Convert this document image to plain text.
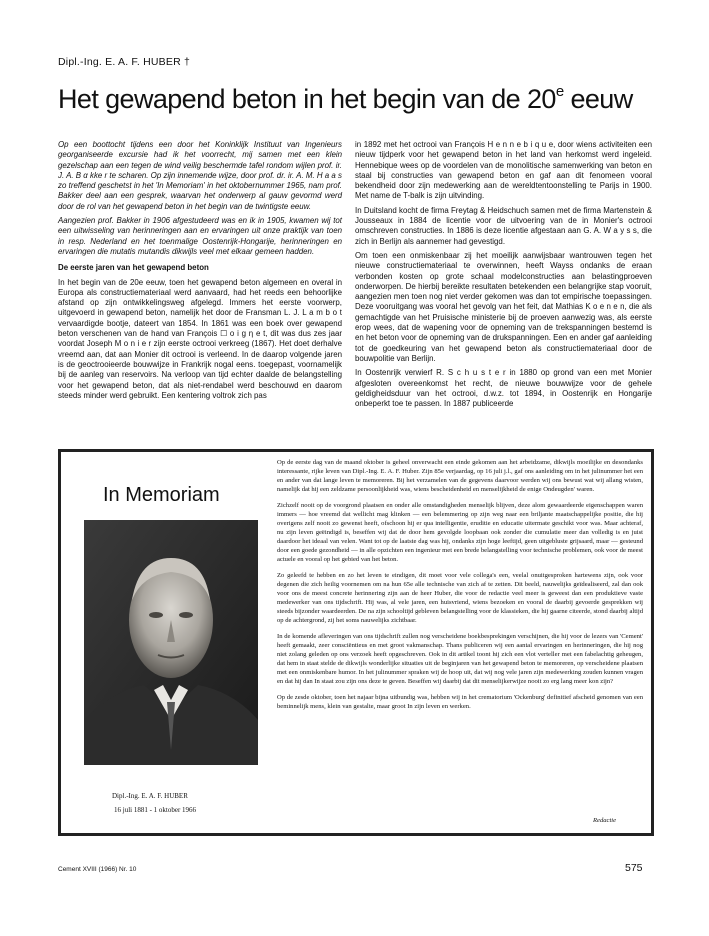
Dipl.-Ing. E. A. F. HUBER †
Het gewapend beton in het begin van de 20e eeuw

Op een boottocht tijdens een door het Koninklijk Instituut van Ingenieurs georganiseerde excursie had ik het voorrecht, mij samen met een klein gezelschap aan een tegen de wind veilig beschermde tafel rondom wijlen prof. ir. J. A. B α kke r te scharen. Op zijn innemende wijze, door prof. dr. ir. A. M. H a a s zo treffend geschetst in het 'In Memoriam' in het oktobernummer 1965, nam prof. Bakker deel aan een gesprek, waarvan het onderwerp al gauw gevormd werd door de rol van het gewapend beton in het begin van de twintigste eeuw.

Aangezien prof. Bakker in 1906 afgestudeerd was en ik in 1905, kwamen wij tot een uitwisseling van herinneringen aan en ervaringen uit onze praktijk van toen in resp. Nederland en het toenmalige Oostenrijk-Hongarije, herinneringen en ervaringen die mutatis mutandis dikwijls veel met elkaar gemeen hadden.

De eerste jaren van het gewapend beton

In het begin van de 20e eeuw, toen het gewapend beton algemeen en overal in Europa als constructiemateriaal werd aanvaard, had het reeds een behoorlijke afstand op zijn ontwikkelingsweg afgelegd. Immers het eerste voorwerp, uitgevoerd in gewapend beton, namelijk het door de Fransman L. J. L a m b o t vervaardigde bootje, dateert van 1854. In 1861 was een boek over gewapend beton verschenen van de hand van François ☐ o i g η e t, dit was dus zes jaar voordat Joseph M o n i e r zijn eerste octrooi verkreeg (1867). Het doet derhalve vreemd aan, dat aan Monier dit octrooi is verleend. In de daarop volgende jaren is de geoctrooieerde bouwwijze in Frankrijk nogal eens. toegepast, voornamelijk bij de aanleg van reservoirs. Na verloop van tijd echter daalde de belangstelling voor het gewapend beton, dat als niet-rendabel werd beschouwd en daarom steeds minder werd gebruikt. Een kentering voltrok zich pas

in 1892 met het octrooi van François H e n n e b i q u e, door wiens activiteiten een nieuw tijdperk voor het gewapend beton in het land van herkomst werd ingeleid. Hennebique wees op de voordelen van de monolitische samenwerking van beton en staal bij constructies van gewapend beton en gaf aan dit fenomeen vooral bekendheid door zijn medewerking aan de wereldtentoonstelling te Parijs in 1900. Met name de T-balk is zijn uitvinding.

In Duitsland kocht de firma Freytag & Heidschuch samen met de firma Martenstein & Jousseaux in 1884 de licentie voor de uitvoering van de in Monier's octrooi omschreven constructies. In 1886 is deze licentie afgestaan aan G. A. W a y s s, die zich in Berlijn als aannemer had gevestigd.

Om toen een onmiskenbaar zij het moeilijk aanwijsbaar wantrouwen tegen het nieuwe constructiemateriaal te overwinnen, heeft Wayss ondanks de eraan verbonden kosten op grote schaal modelconstructies aan belastingproeven onderworpen. De hierbij bereikte resultaten betekenden een belangrijke stap vooruit, aangezien men toen nog niet verder gekomen was dan tot empirische toepassingen. Deze vooruitgang was vooral het gevolg van het feit, dat Mathias K o e n e n, die als gemachtigde van het Pruisische ministerie bij de proeven aanwezig was, als eerste erop wees, dat de wapening voor de opneming van de trekspanningen bestemd is en het beton voor de opneming van de drukspanningen. Een en ander gaf aanleiding tot de goedkeuring van het gewapend beton als constructiemateriaal door de bouwpolitie van Berlijn.

In Oostenrijk verwierf R. S c h u s t e r in 1880 op grond van een met Monier afgesloten overeenkomst het recht, de nieuwe bouwwijze voor de gehele geldigheidsduur van het octrooi, d.w.z. tot 1894, in Oostenrijk en Hongarije onbeperkt toe te passen. In 1887 publiceerde

In Memoriam
Dipl.-Ing. E. A. F. HUBER
16 juli 1881 - 1 oktober 1966

Op de eerste dag van de maand oktober is geheel onverwacht een einde gekomen aan het arbeidzame, dikwijls moeilijke en desondanks interessante, rijke leven van Dipl.-Ing. E. A. F. Huber. Zijn 85e verjaardag, op 16 juli j.l., gaf ons aanleiding om in het julinummer het een en ander van dat lange leven te memoreren. Bij het verzamelen van de gegevens daarvoor werden wij ons bewust wat wij allang wisten, namelijk dat hij een zeldzame persoonlijkheid was, wiens bescheidenheid en menselijkheid de enige Ondeugden' waren.

Zichzelf nooit op de voorgrond plaatsen en onder alle omstandigheden menselijk blijven, deze alom gewaardeerde eigenschappen waren immers — hoe vreemd dat wellicht mag klinken — een belemmering op zijn weg naar een briljante maatschappelijke positie, die hij overigens zelf nooit zo gewenst heeft, ofschoon hij er qua intelligentie, eruditie en educatie uitermate geschikt voor was. Maar achteraf, nu zijn leven geëindigd is, beseffen wij dat de door hem gevolgde loopbaan ook zonder die cumulatie meer dan volledig is en juist daardoor het ideaal van velen. Want tot op de laatste dag was hij, ondanks zijn hoge leeftijd, geen uitgebluste grijsaard, maar — gesteund door een goede gezondheid — in alle opzichten een ingenieur met een brede belangstelling voor technische problemen, ook voor de meest actuele en vooral op het gebied van het beton.

Zo geleefd te hebben en zo het leven te eindigen, dit moet voor vele collega's een, veelal onuitgesproken hartewens zijn, ook voor degenen die zich heilig voornemen om na hun 65e alle technische van zich af te zetten. Dit beeld, nauwelijks geïdealiseerd, zal dan ook voor ons de meest concrete herinnering zijn aan de heer Huber, die voor de redactie veel meer is geweest dan een produktieve vaste medewerker van ons tijdschrift. Hij was, al vele jaren, een huisvriend, wiens bezoeken en vooral de daarbij gevoerde gesprekken wij steeds bijzonder waardeerden. De na zijn schooltijd gebleven belangstelling voor de klassieken, die hij gaarne citeerde, stond daarbij altijd op de achtergrond, zij het soms nauwelijks zichtbaar.

In de komende afleveringen van ons tijdschrift zullen nog verscheidene boekbesprekingen verschijnen, die hij voor de lezers van 'Cement' heeft gemaakt, zeer consciëntieus en met groot vakmanschap. Thans publiceren wij een aantal ervaringen en herinneringen, die hij nog niet zolang geleden op ons verzoek heeft opgeschreven. Ook in dit artikel toont hij zich een vlot verteller met een fabelachtig geheugen, dat hem in staat stelde de dikwijls wonderlijke situaties uit de beginjaren van het gewapend beton te memoreren, op verscheidene plaatsen met een onmiskenbare humor. In het julinummer spraken wij de hoop uit, dat wij nog vele jaren zijn medewerking zouden kunnen vragen en dat hij dan In staat zou zijn ons deze te geven. Beseffen wij daarbij dat dit menselijkerwijze nooit zo erg lang meer kon zijn?

Op de zesde oktober, toen het najaar bijna uitbundig was, hebben wij in het crematorium 'Ockenburg' definitief afscheid genomen van een beminnelijk mens, klein van gestalte, maar groot In zijn leven en werken.

Redactie
Cement XVIII (1966) Nr. 10	575
